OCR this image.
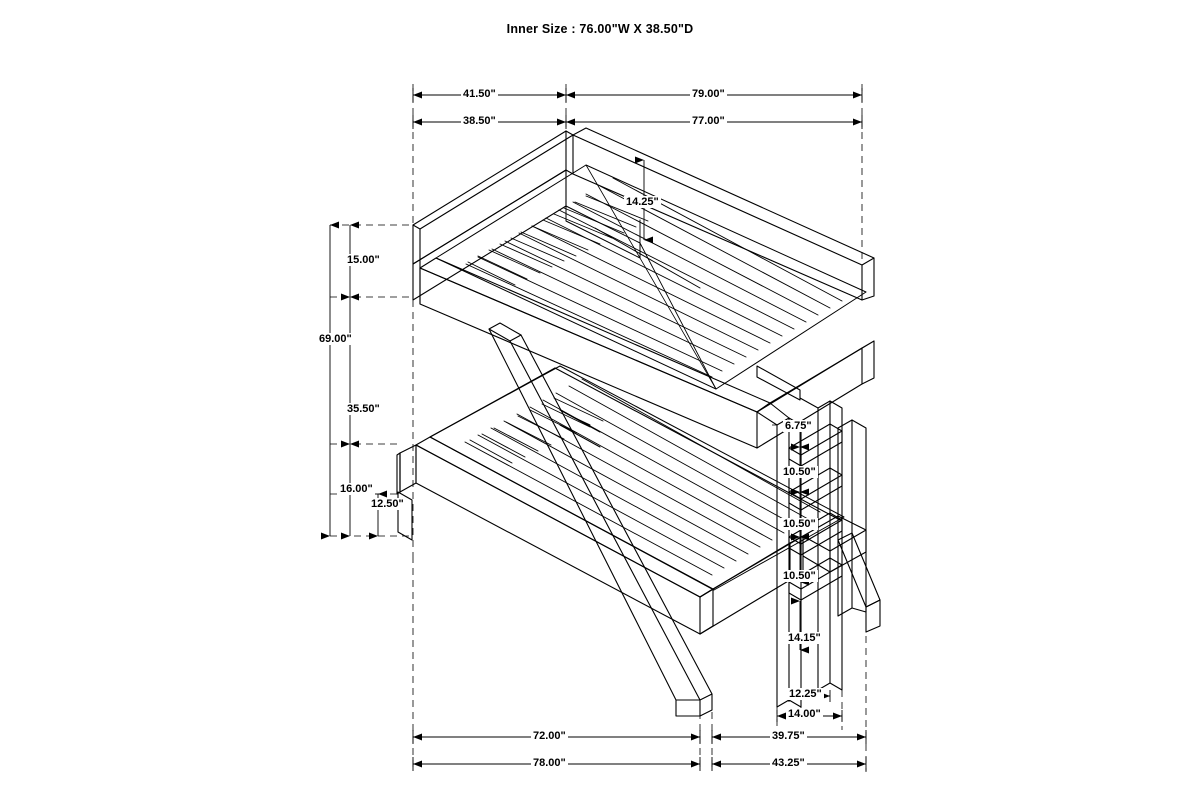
Inner Size : 76.00"W X 38.50"D
41.50"	79.00"
38.50"	77.00"
14.25"
15.00"
69.00"
35.50"
16.00"
12.50"
6.75"
10.50"
10.50"
10.50"
14.15"
12.25"
14.00"
72.00"	39.75"
78.00"	43.25"
